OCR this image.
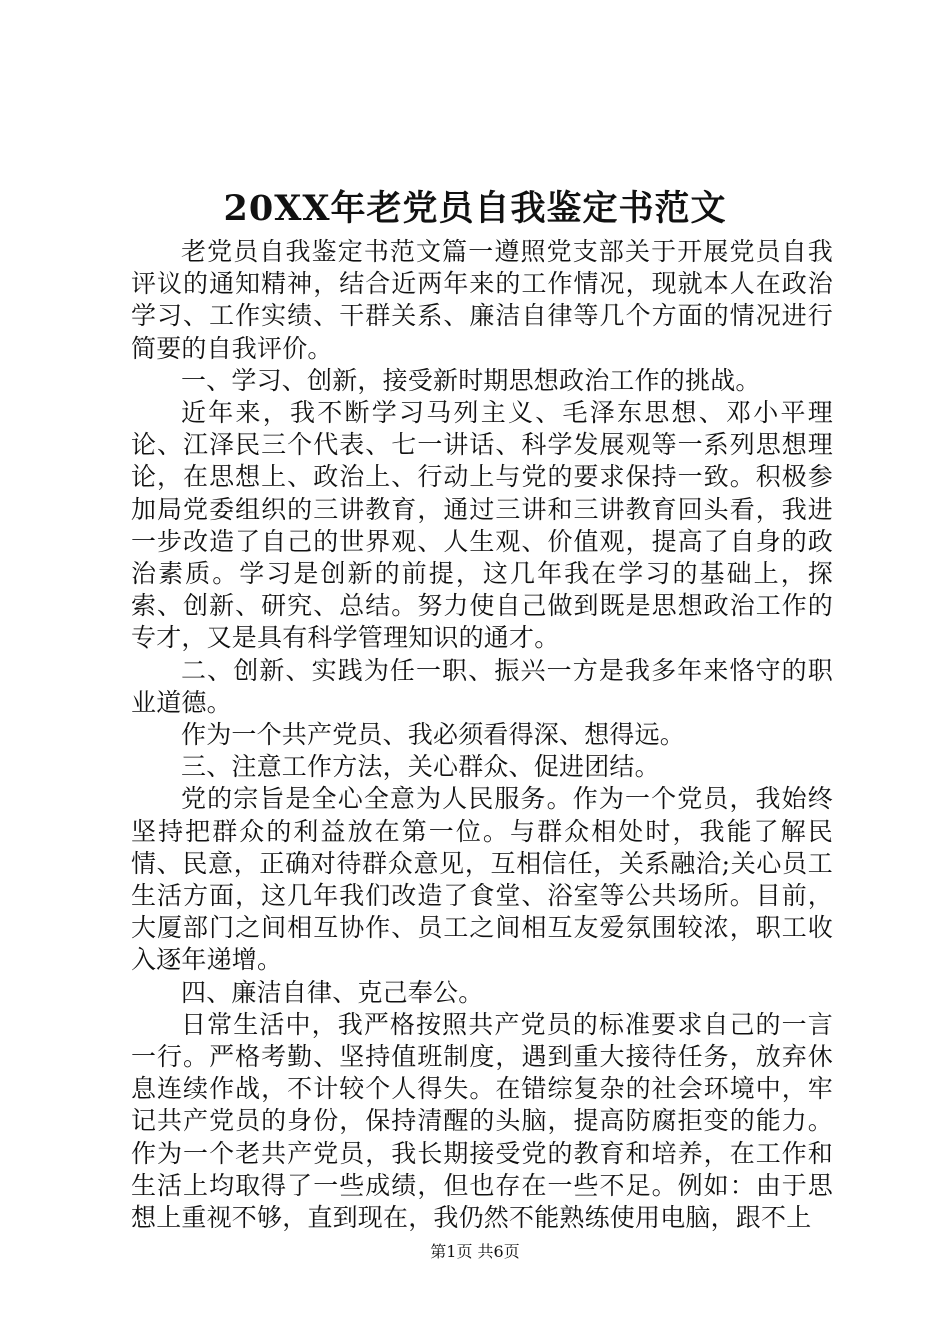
20XX年老党员自我鉴定书范文

老党员自我鉴定书范文篇一遵照党支部关于开展党员自我评议的通知精神，结合近两年来的工作情况，现就本人在政治学习、工作实绩、干群关系、廉洁自律等几个方面的情况进行简要的自我评价。

一、学习、创新，接受新时期思想政治工作的挑战。

近年来，我不断学习马列主义、毛泽东思想、邓小平理论、江泽民三个代表、七一讲话、科学发展观等一系列思想理论，在思想上、政治上、行动上与党的要求保持一致。积极参加局党委组织的三讲教育，通过三讲和三讲教育回头看，我进一步改造了自己的世界观、人生观、价值观，提高了自身的政治素质。学习是创新的前提，这几年我在学习的基础上，探索、创新、研究、总结。努力使自己做到既是思想政治工作的专才，又是具有科学管理知识的通才。

二、创新、实践为任一职、振兴一方是我多年来恪守的职业道德。

作为一个共产党员、我必须看得深、想得远。

三、注意工作方法，关心群众、促进团结。

党的宗旨是全心全意为人民服务。作为一个党员，我始终坚持把群众的利益放在第一位。与群众相处时，我能了解民情、民意，正确对待群众意见，互相信任，关系融洽;关心员工生活方面，这几年我们改造了食堂、浴室等公共场所。目前，大厦部门之间相互协作、员工之间相互友爱氛围较浓，职工收入逐年递增。

四、廉洁自律、克己奉公。

日常生活中，我严格按照共产党员的标准要求自己的一言一行。严格考勤、坚持值班制度，遇到重大接待任务，放弃休息连续作战，不计较个人得失。在错综复杂的社会环境中，牢记共产党员的身份，保持清醒的头脑，提高防腐拒变的能力。作为一个老共产党员，我长期接受党的教育和培养，在工作和生活上均取得了一些成绩，但也存在一些不足。例如：由于思想上重视不够，直到现在，我仍然不能熟练使用电脑，跟不上

第1页 共6页
